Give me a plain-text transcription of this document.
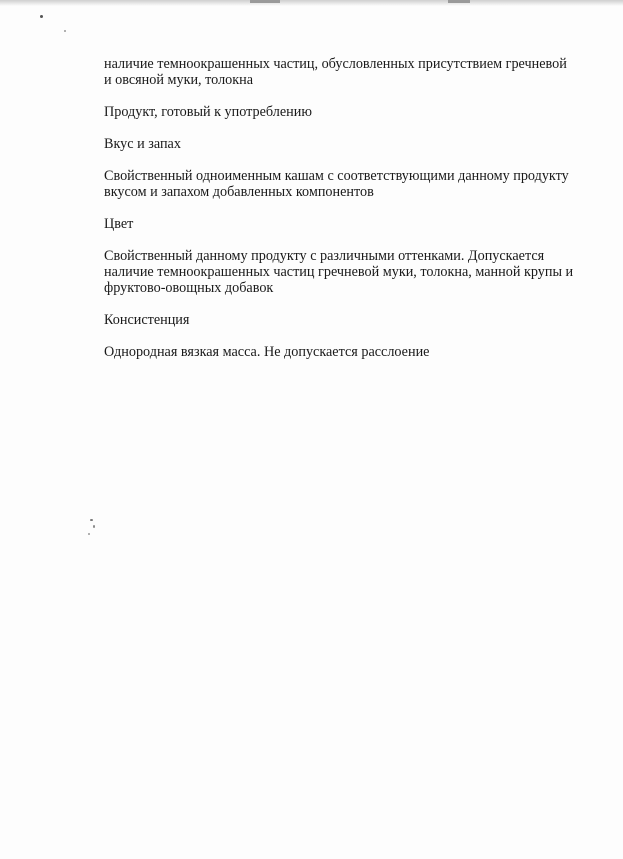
наличие темноокрашенных частиц, обусловленных присутствием гречневой
и овсяной муки, толокна

Продукт, готовый к употреблению

Вкус и запах

Свойственный одноименным кашам с соответствующими данному продукту
вкусом и запахом добавленных компонентов

Цвет

Свойственный данному продукту с различными оттенками. Допускается
наличие темноокрашенных частиц гречневой муки, толокна, манной крупы и
фруктово-овощных добавок

Консистенция

Однородная вязкая масса. Не допускается расслоение
